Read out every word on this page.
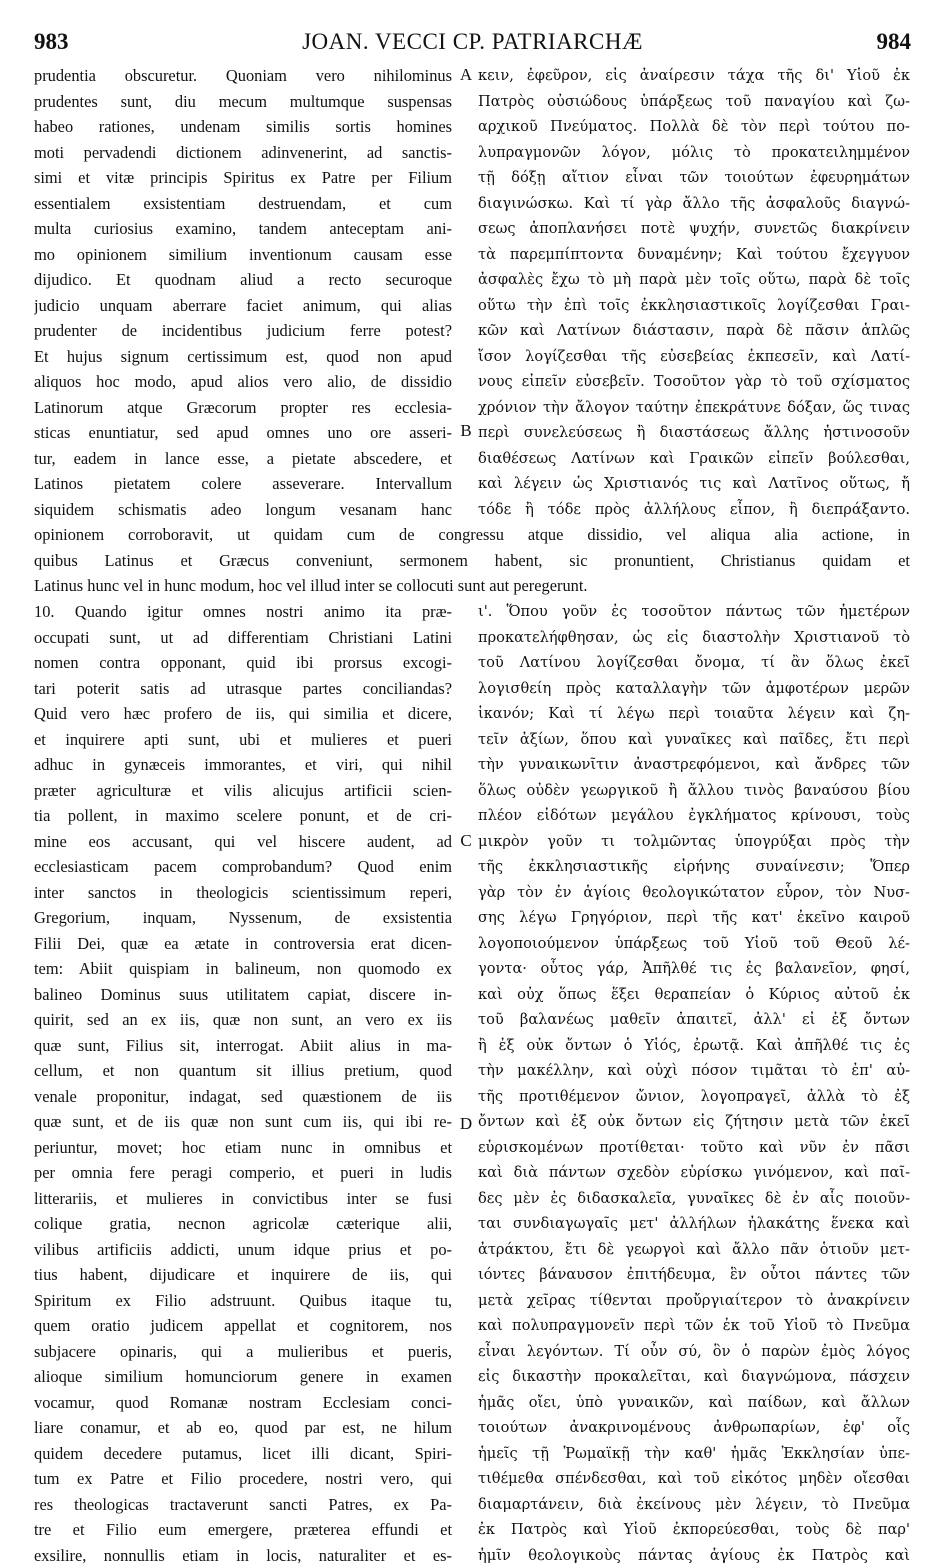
983	JOAN. VECCI CP. PATRIARCHÆ	984
prudentia obscuretur. Quoniam vero nihilominus
prudentes sunt, diu mecum multumque suspensas
habeo rationes, undenam similis sortis homines
moti pervadendi dictionem adinvenerint, ad sanctis-
simi et vitæ principis Spiritus ex Patre per Filium
essentialem exsistentiam destruendam, et cum
multa curiosius examino, tandem anteceptam ani-
mo opinionem similium inventionum causam esse
dijudico. Et quodnam aliud a recto securoque
judicio unquam aberrare faciet animum, qui alias
prudenter de incidentibus judicium ferre potest?
Et hujus signum certissimum est, quod non apud
aliquos hoc modo, apud alios vero alio, de dissidio
Latinorum atque Græcorum propter res ecclesia-
sticas enuntiatur, sed apud omnes uno ore asseri-
tur, eadem in lance esse, a pietate abscedere, et
Latinos pietatem colere asseverare. Intervallum
siquidem schismatis adeo longum vesanam hanc
κειν, ἐφεῦρον, εἰς ἀναίρεσιν τάχα τῆς δι' Υἱοῦ ἐκ
Πατρὸς οὐσιώδους ὑπάρξεως τοῦ παναγίου καὶ ζω-
αρχικοῦ Πνεύματος. Πολλὰ δὲ τὸν περὶ τούτου πο-
λυπραγμονῶν λόγον, μόλις τὸ προκατειλημμένον
τῇ δόξῃ αἴτιον εἶναι τῶν τοιούτων ἐφευρημάτων
διαγινώσκω. Καὶ τί γὰρ ἄλλο τῆς ἀσφαλοῦς διαγνώ-
σεως ἀποπλανήσει ποτὲ ψυχήν, συνετῶς διακρίνειν
τὰ παρεμπίπτοντα δυναμένην; Καὶ τούτου ἔχεγγυον
ἀσφαλὲς ἔχω τὸ μὴ παρὰ μὲν τοῖς οὕτω, παρὰ δὲ τοῖς
οὕτω τὴν ἐπὶ τοῖς ἐκκλησιαστικοῖς λογίζεσθαι Γραι-
κῶν καὶ Λατίνων διάστασιν, παρὰ δὲ πᾶσιν ἁπλῶς
ἴσον λογίζεσθαι τῆς εὐσεβείας ἐκπεσεῖν, καὶ Λατί-
νους εἰπεῖν εὐσεβεῖν. Τοσοῦτον γὰρ τὸ τοῦ σχίσματος
χρόνιον τὴν ἄλογον ταύτην ἐπεκράτυνε δόξαν, ὥς τινας
περὶ συνελεύσεως ἢ διαστάσεως ἄλλης ἡστινοσοῦν
διαθέσεως Λατίνων καὶ Γραικῶν εἰπεῖν βούλεσθαι,
καὶ λέγειν ὡς Χριστιανός τις καὶ Λατῖνος οὕτως, ἤ
τόδε ἢ τόδε πρὸς ἀλλήλους εἶπον, ἢ διεπράξαντο.
opinionem corroboravit, ut quidam cum de congressu atque dissidio, vel aliqua alia actione, in
quibus Latinus et Græcus conveniunt, sermonem habent, sic pronuntient, Christianus quidam et
Latinus hunc vel in hunc modum, hoc vel illud inter se collocuti sunt aut peregerunt.
10. Quando igitur omnes nostri animo ita præ-
occupati sunt, ut ad differentiam Christiani Latini
nomen contra opponant, quid ibi prorsus excogi-
tari poterit satis ad utrasque partes conciliandas?
Quid vero hæc profero de iis, qui similia et dicere,
et inquirere apti sunt, ubi et mulieres et pueri
adhuc in gynæceis immorantes, et viri, qui nihil
præter agriculturæ et vilis alicujus artificii scien-
tia pollent, in maximo scelere ponunt, et de cri-
mine eos accusant, qui vel hiscere audent, ad
ecclesiasticam pacem comprobandum? Quod enim
inter sanctos in theologicis scientissimum reperi,
Gregorium, inquam, Nyssenum, de exsistentia
Filii Dei, quæ ea ætate in controversia erat dicen-
tem: Abiit quispiam in balineum, non quomodo ex
balineo Dominus suus utilitatem capiat, discere in-
quirit, sed an ex iis, quæ non sunt, an vero ex iis
quæ sunt, Filius sit, interrogat. Abiit alius in ma-
cellum, et non quantum sit illius pretium, quod
venale proponitur, indagat, sed quæstionem de iis
quæ sunt, et de iis quæ non sunt cum iis, qui ibi re-
periuntur, movet; hoc etiam nunc in omnibus et
per omnia fere peragi comperio, et pueri in ludis
litterariis, et mulieres in convictibus inter se fusi
colique gratia, necnon agricolæ cæterique alii,
vilibus artificiis addicti, unum idque prius et po-
tius habent, dijudicare et inquirere de iis, qui
Spiritum ex Filio adstruunt. Quibus itaque tu,
quem oratio judicem appellat et cognitorem, nos
subjacere opinaris, qui a mulieribus et pueris,
alioque similium homunciorum genere in examen
vocamur, quod Romanæ nostram Ecclesiam conci-
liare conamur, et ab eo, quod par est, ne hilum
quidem decedere putamus, licet illi dicant, Spiri-
tum ex Patre et Filio procedere, nostri vero, qui
res theologicas tractaverunt sancti Patres, ex Pa-
tre et Filio eum emergere, præterea effundi et
exsilire, nonnullis etiam in locis, naturaliter et es-
ι'. Ὅπου γοῦν ἐς τοσοῦτον πάντως τῶν ἡμετέρων
προκατελήφθησαν, ὡς εἰς διαστολὴν Χριστιανοῦ τὸ
τοῦ Λατίνου λογίζεσθαι ὄνομα, τί ἂν ὅλως ἐκεῖ
λογισθείη πρὸς καταλλαγὴν τῶν ἀμφοτέρων μερῶν
ἱκανόν; Καὶ τί λέγω περὶ τοιαῦτα λέγειν καὶ ζη-
τεῖν ἀξίων, ὅπου καὶ γυναῖκες καὶ παῖδες, ἔτι περὶ
τὴν γυναικωνῖτιν ἀναστρεφόμενοι, καὶ ἄνδρες τῶν
ὅλως οὐδὲν γεωργικοῦ ἢ ἄλλου τινὸς βαναύσου βίου
πλέον εἰδότων μεγάλου ἐγκλήματος κρίνουσι, τοὺς
μικρὸν γοῦν τι τολμῶντας ὑπογρύξαι πρὸς τὴν
τῆς ἐκκλησιαστικῆς εἰρήνης συναίνεσιν; Ὅπερ
γὰρ τὸν ἐν ἁγίοις θεολογικώτατον εὗρον, τὸν Νυσ-
σης λέγω Γρηγόριον, περὶ τῆς κατ' ἐκεῖνο καιροῦ
λογοποιούμενον ὑπάρξεως τοῦ Υἱοῦ τοῦ Θεοῦ λέ-
γοντα· οὗτος γάρ, Ἀπῆλθέ τις ἐς βαλανεῖον, φησί,
καὶ οὐχ ὅπως ἕξει θεραπείαν ὁ Κύριος αὐτοῦ ἐκ
τοῦ βαλανέως μαθεῖν ἀπαιτεῖ, ἀλλ' εἰ ἐξ ὄντων
ἢ ἐξ οὐκ ὄντων ὁ Υἱός, ἐρωτᾷ. Καὶ ἀπῆλθέ τις ἐς
τὴν μακέλλην, καὶ οὐχὶ πόσον τιμᾶται τὸ ἐπ' αὐ-
τῆς προτιθέμενον ὤνιον, λογοπραγεῖ, ἀλλὰ τὸ ἐξ
ὄντων καὶ ἐξ οὐκ ὄντων εἰς ζήτησιν μετὰ τῶν ἐκεῖ
εὑρισκομένων προτίθεται· τοῦτο καὶ νῦν ἐν πᾶσι
καὶ διὰ πάντων σχεδὸν εὑρίσκω γινόμενον, καὶ παῖ-
δες μὲν ἐς διδασκαλεῖα, γυναῖκες δὲ ἐν αἷς ποιοῦν-
ται συνδιαγωγαῖς μετ' ἀλλήλων ἠλακάτης ἕνεκα καὶ
ἀτράκτου, ἔτι δὲ γεωργοὶ καὶ ἄλλο πᾶν ὁτιοῦν μετ-
ιόντες βάναυσον ἐπιτήδευμα, ἓν οὗτοι πάντες τῶν
μετὰ χεῖρας τίθενται προὔργιαίτερον τὸ ἀνακρίνειν
καὶ πολυπραγμονεῖν περὶ τῶν ἐκ τοῦ Υἱοῦ τὸ Πνεῦμα
εἶναι λεγόντων. Τί οὖν σύ, ὃν ὁ παρὼν ἐμὸς λόγος
εἰς δικαστὴν προκαλεῖται, καὶ διαγνώμονα, πάσχειν
ἡμᾶς οἴει, ὑπὸ γυναικῶν, καὶ παίδων, καὶ ἄλλων
τοιούτων ἀνακρινομένους ἀνθρωπαρίων, ἐφ' οἷς
ἡμεῖς τῇ Ῥωμαϊκῇ τὴν καθ' ἡμᾶς Ἐκκλησίαν ὑπε-
τιθέμεθα σπένδεσθαι, καὶ τοῦ εἰκότος μηδὲν οἴεσθαι
διαμαρτάνειν, διὰ ἐκείνους μὲν λέγειν, τὸ Πνεῦμα
ἐκ Πατρὸς καὶ Υἱοῦ ἐκπορεύεσθαι, τοὺς δὲ παρ'
ἡμῖν θεολογικοὺς πάντας ἁγίους ἐκ Πατρὸς καὶ
A
B
C
D
